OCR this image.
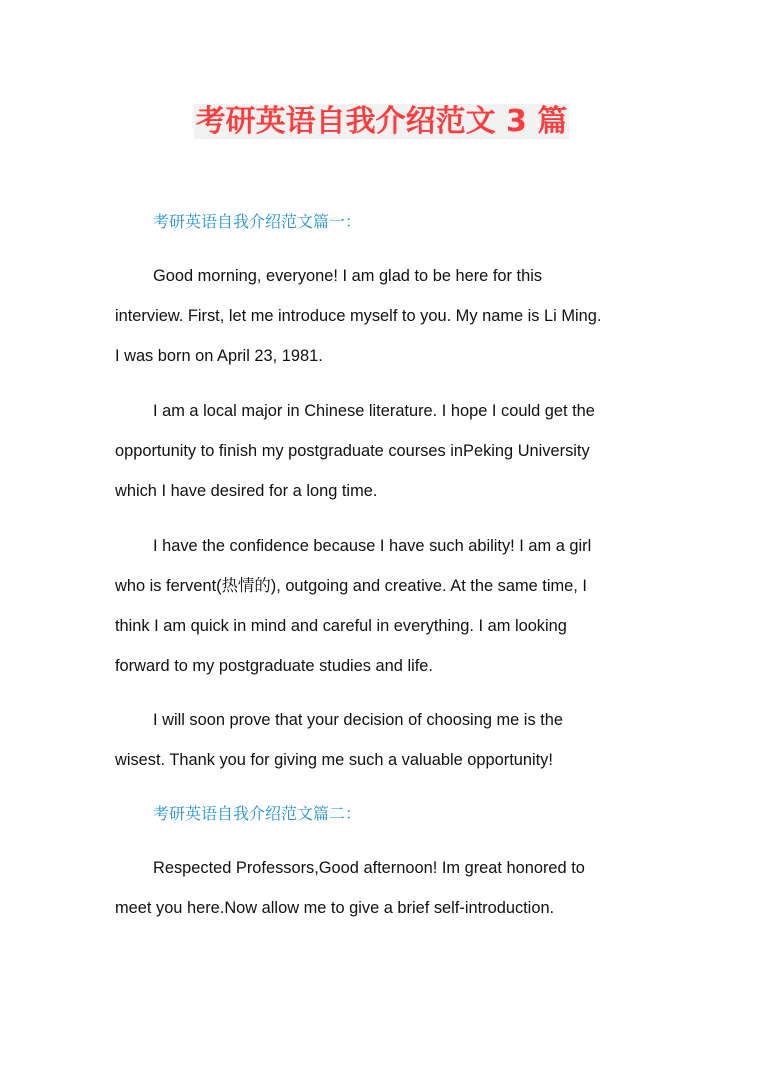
考研英语自我介绍范文 3 篇
考研英语自我介绍范文篇一：
Good morning, everyone! I am glad to be here for this
interview. First, let me introduce myself to you. My name is Li Ming.
I was born on April 23, 1981.
I am a local major in Chinese literature. I hope I could get the
opportunity to finish my postgraduate courses inPeking University
which I have desired for a long time.
I have the confidence because I have such ability! I am a girl
who is fervent(热情的), outgoing and creative. At the same time, I
think I am quick in mind and careful in everything. I am looking
forward to my postgraduate studies and life.
I will soon prove that your decision of choosing me is the
wisest. Thank you for giving me such a valuable opportunity!
考研英语自我介绍范文篇二：
Respected Professors,Good afternoon! Im great honored to
meet you here.Now allow me to give a brief self-introduction.
